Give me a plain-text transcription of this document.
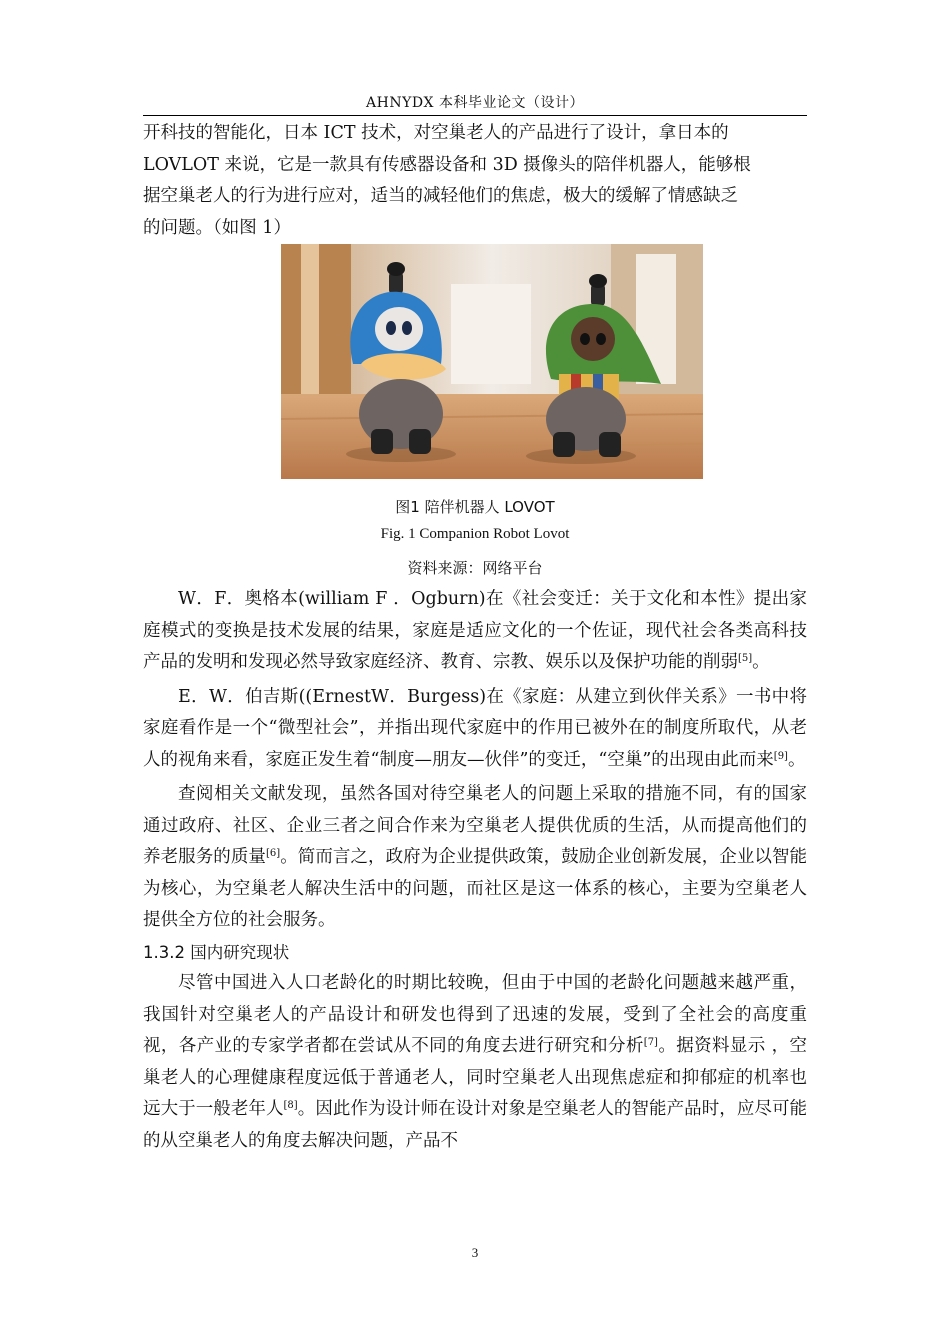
AHNYDX 本科毕业论文（设计）
开科技的智能化，日本 ICT 技术，对空巢老人的产品进行了设计，拿日本的
LOVLOT 来说，它是一款具有传感器设备和 3D 摄像头的陪伴机器人，能够根
据空巢老人的行为进行应对，适当的减轻他们的焦虑，极大的缓解了情感缺乏
的问题。（如图 1）
图1 陪伴机器人 LOVOT
Fig. 1 Companion Robot Lovot
资料来源：网络平台

W．F．奥格本(william F ．Ogburn)在《社会变迁：关于文化和本性》提出家庭模式的变换是技术发展的结果，家庭是适应文化的一个佐证，现代社会各类高科技产品的发明和发现必然导致家庭经济、教育、宗教、娱乐以及保护功能的削弱[5]。

E．W．伯吉斯((ErnestW．Burgess)在《家庭：从建立到伙伴关系》一书中将家庭看作是一个“微型社会”，并指出现代家庭中的作用已被外在的制度所取代，从老人的视角来看，家庭正发生着“制度—朋友—伙伴”的变迁，“空巢”的出现由此而来[9]。

查阅相关文献发现，虽然各国对待空巢老人的问题上采取的措施不同，有的国家通过政府、社区、企业三者之间合作来为空巢老人提供优质的生活，从而提高他们的养老服务的质量[6]。简而言之，政府为企业提供政策，鼓励企业创新发展，企业以智能为核心，为空巢老人解决生活中的问题，而社区是这一体系的核心，主要为空巢老人提供全方位的社会服务。

1.3.2 国内研究现状

尽管中国进入人口老龄化的时期比较晚，但由于中国的老龄化问题越来越严重，我国针对空巢老人的产品设计和研发也得到了迅速的发展，受到了全社会的高度重视，各产业的专家学者都在尝试从不同的角度去进行研究和分析[7]。据资料显示 ，空巢老人的心理健康程度远低于普通老人，同时空巢老人出现焦虑症和抑郁症的机率也远大于一般老年人[8]。因此作为设计师在设计对象是空巢老人的智能产品时，应尽可能的从空巢老人的角度去解决问题，产品不

3
